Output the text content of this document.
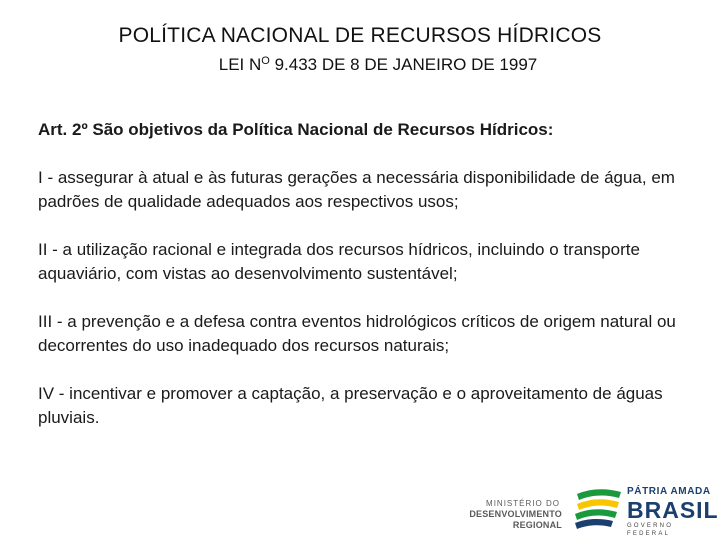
POLÍTICA NACIONAL DE RECURSOS HÍDRICOS
LEI $N^O$ 9.433 DE 8 DE JANEIRO DE 1997

Art. 2º São objetivos da Política Nacional de Recursos Hídricos:

I - assegurar à atual e às futuras gerações a necessária disponibilidade de água, em padrões de qualidade adequados aos respectivos usos;

II - a utilização racional e integrada dos recursos hídricos, incluindo o transporte aquaviário, com vistas ao desenvolvimento sustentável;

III - a prevenção e a defesa contra eventos hidrológicos críticos de origem natural ou decorrentes do uso inadequado dos recursos naturais;

IV - incentivar e promover a captação, a preservação e o aproveitamento de águas pluviais.

MINISTÉRIO DO
DESENVOLVIMENTO REGIONAL
PÁTRIA AMADA
BRASIL
GOVERNO FEDERAL
